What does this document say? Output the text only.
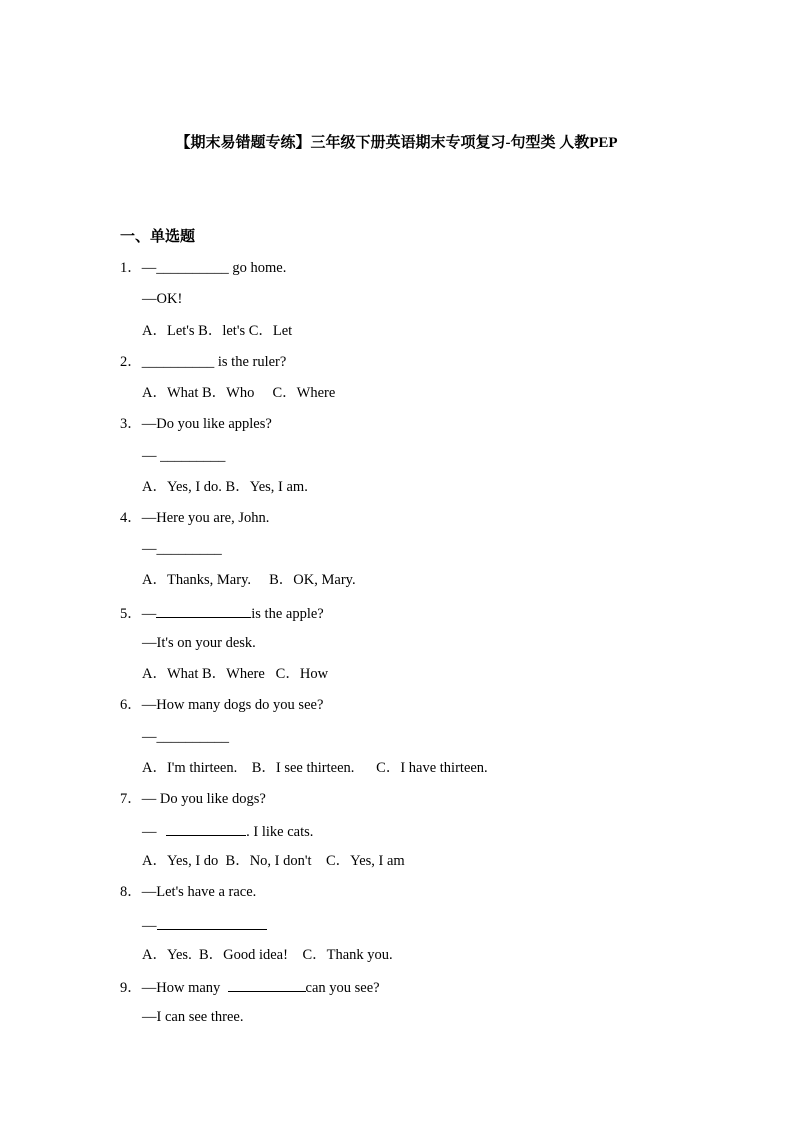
【期末易错题专练】三年级下册英语期末专项复习-句型类 人教PEP
一、单选题
1．—__________ go home.
—OK!
A．Let's B．let's C．Let
2．__________ is the ruler?
A．What B．Who     C．Where
3．—Do you like apples?
— _________
A．Yes, I do. B．Yes, I am.
4．—Here you are, John.
—_________
A．Thanks, Mary.     B．OK, Mary.
5．—	is the apple?
—It's on your desk.
A．What B．Where   C．How
6．—How many dogs do you see?
—__________
A．I'm thirteen.    B．I see thirteen.      C．I have thirteen.
7．— Do you like dogs?
—	. I like cats.
A．Yes, I do  B．No, I don't    C．Yes, I am
8．—Let's have a race.
—
A．Yes.  B．Good idea!    C．Thank you.
9．—How many	can you see?
—I can see three.
